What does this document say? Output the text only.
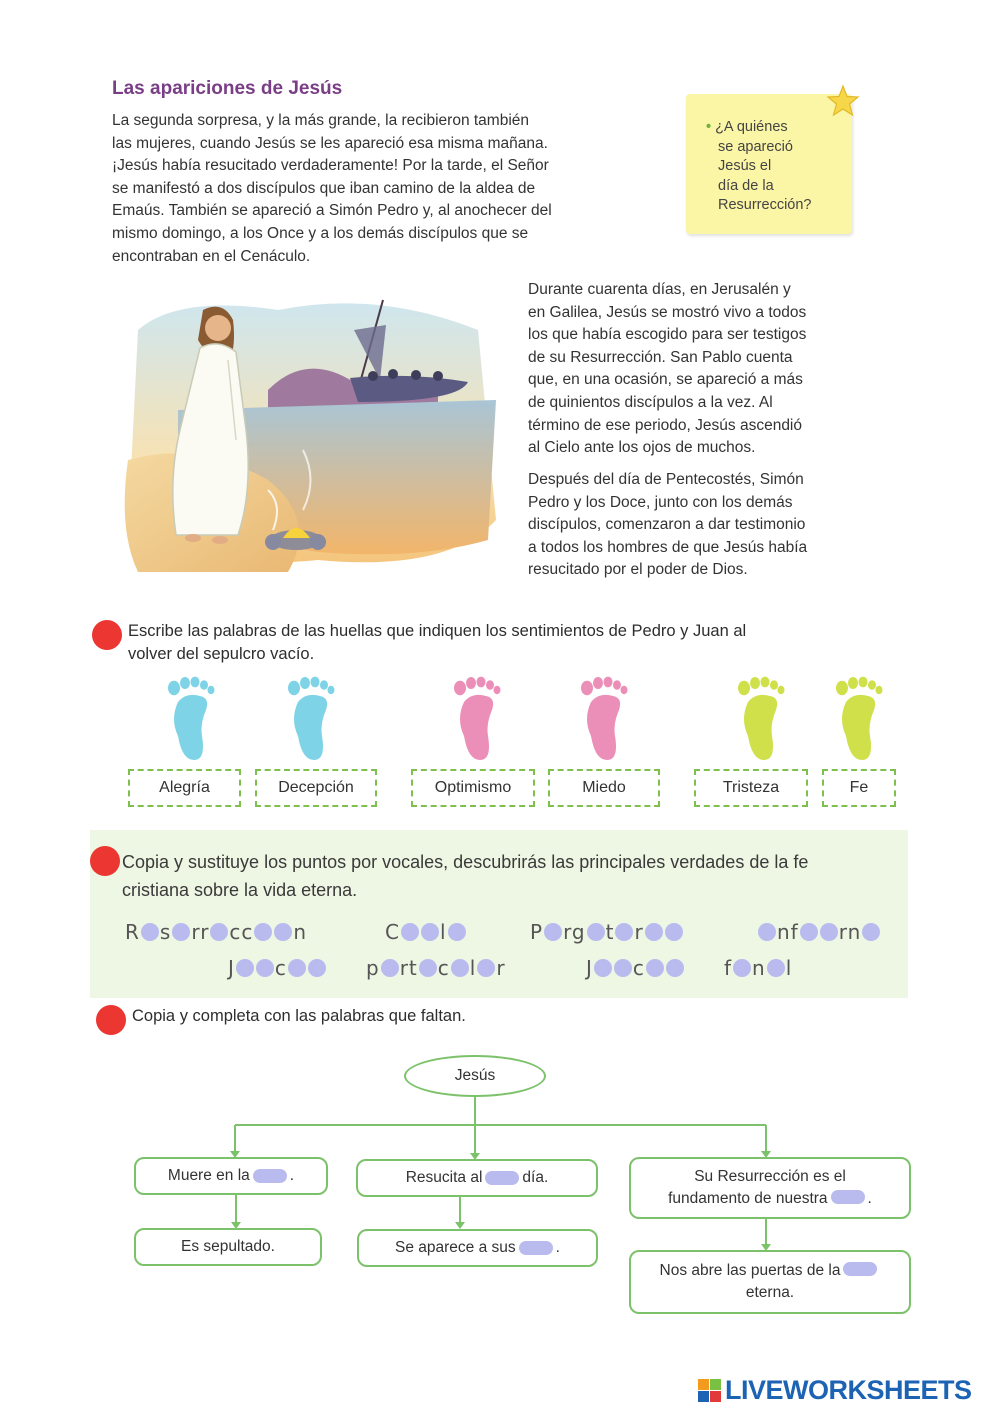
Las apariciones de Jesús

La segunda sorpresa, y la más grande, la recibieron también

las mujeres, cuando Jesús se les apareció esa misma mañana.

¡Jesús había resucitado verdaderamente! Por la tarde, el Señor

se manifestó a dos discípulos que iban camino de la aldea de

Emaús. También se apareció a Simón Pedro y, al anochecer del

mismo domingo, a los Once y a los demás discípulos que se

encontraban en el Cenáculo.

• ¿A quiénes
se apareció
Jesús el
día de la
Resurrección?

Durante cuarenta días, en Jerusalén y

en Galilea, Jesús se mostró vivo a todos

los que había escogido para ser testigos

de su Resurrección. San Pablo cuenta

que, en una ocasión, se apareció a más

de quinientos discípulos a la vez. Al

término de ese periodo, Jesús ascendió

al Cielo ante los ojos de muchos.

Después del día de Pentecostés, Simón

Pedro y los Doce, junto con los demás

discípulos, comenzaron a dar testimonio

a todos los hombres de que Jesús había

resucitado por el poder de Dios.

Escribe las palabras de las huellas que indiquen los sentimientos de Pedro y Juan al
volver del sepulcro vacío.
Alegría	Decepción	Optimismo	Miedo	Tristeza	Fe
Copia y sustituye los puntos por vocales, descubrirás las principales verdades de la fe
cristiana sobre la vida eterna.
R s rr cc n	C l	P rg t r	nf rn
J c	p rt c l r	J c	f n l
Copia y completa con las palabras que faltan.
Jesús
Muere en la	.
Es sepultado.
Resucita al	día.
Se aparece a sus	.
Su Resurrección es el
fundamento de nuestra	.
Nos abre las puertas de la
eterna.
LIVEWORKSHEETS
